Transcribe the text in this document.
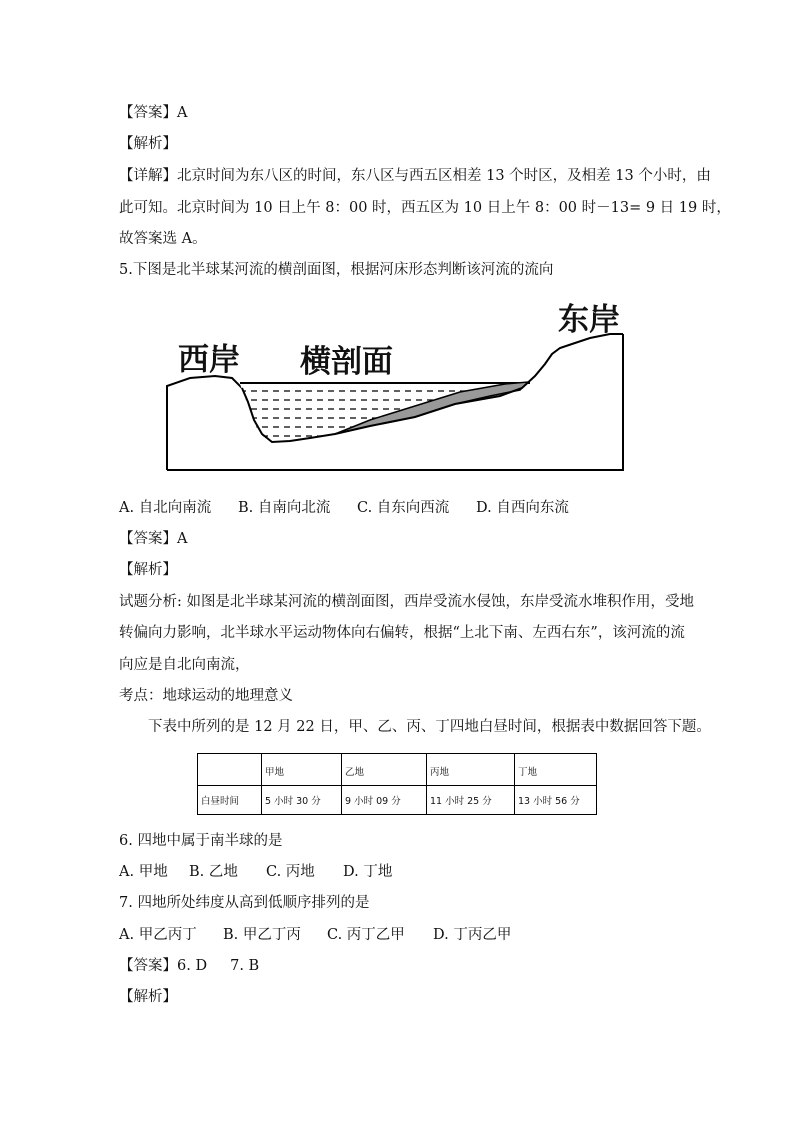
【答案】A
【解析】
【详解】北京时间为东八区的时间，东八区与西五区相差 13 个时区，及相差 13 个小时，由
此可知。北京时间为 10 日上午 8：00 时，西五区为 10 日上午 8：00 时－13= 9 日 19 时，
故答案选 A。
5.下图是北半球某河流的横剖面图，根据河床形态判断该河流的流向
西岸 横剖面
东岸
A. 自北向南流 B. 自南向北流 C. 自东向西流 D. 自西向东流
【答案】A
【解析】
试题分析: 如图是北半球某河流的横剖面图，西岸受流水侵蚀，东岸受流水堆积作用，受地
转偏向力影响，北半球水平运动物体向右偏转，根据“上北下南、左西右东”，该河流的流
向应是自北向南流，
考点：地球运动的地理意义
下表中所列的是 12 月 22 日，甲、乙、丙、丁四地白昼时间，根据表中数据回答下题。
	甲地	乙地	丙地	丁地
白昼时间	5 小时 30 分	9 小时 09 分	11 小时 25 分	13 小时 56 分
6. 四地中属于南半球的是
A. 甲地 B. 乙地 C. 丙地 D. 丁地
7. 四地所处纬度从高到低顺序排列的是
A. 甲乙丙丁 B. 甲乙丁丙 C. 丙丁乙甲 D. 丁丙乙甲
【答案】6. D     7. B
【解析】
